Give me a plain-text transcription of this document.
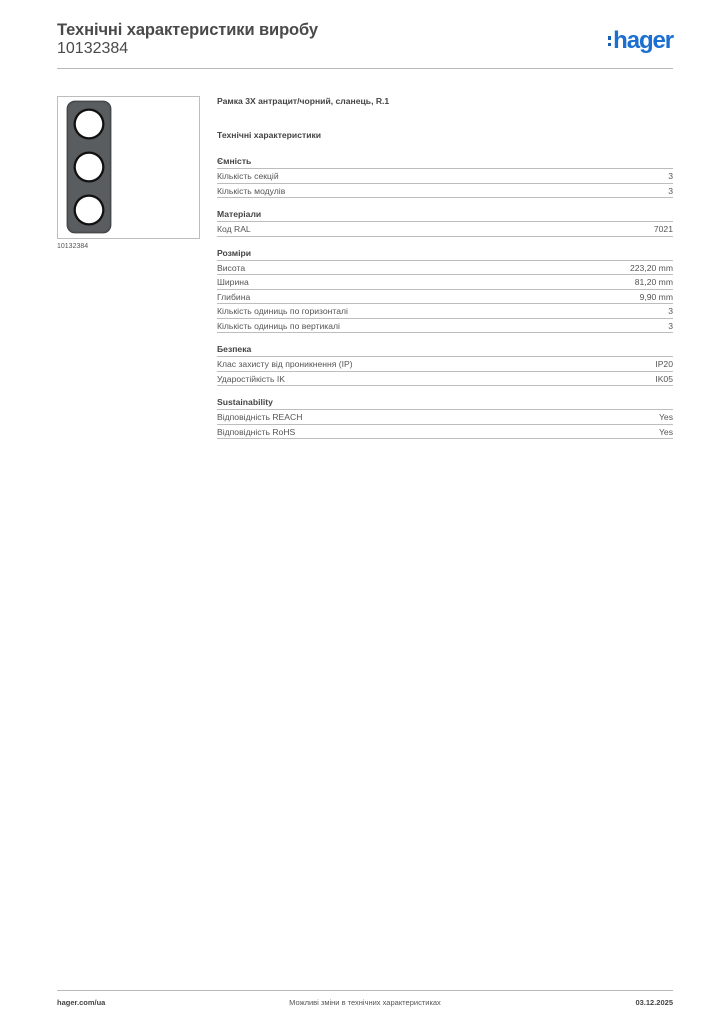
Технічні характеристики виробу
10132384	hager
10132384
Рамка 3Х антрацит/чорний, сланець, R.1
Технічні характеристики
Ємність
Кількість секцій	3
Кількість модулів	3
Матеріали
Код RAL	7021
Розміри
Висота	223,20 mm
Ширина	81,20 mm
Глибина	9,90 mm
Кількість одиниць по горизонталі	3
Кількість одиниць по вертикалі	3
Безпека
Клас захисту від проникнення (IP)	IP20
Ударостійкість IK	IK05
Sustainability
Відповідність REACH	Yes
Відповідність RoHS	Yes
hager.com/ua	Можливі зміни в технічних характеристиках	03.12.2025
